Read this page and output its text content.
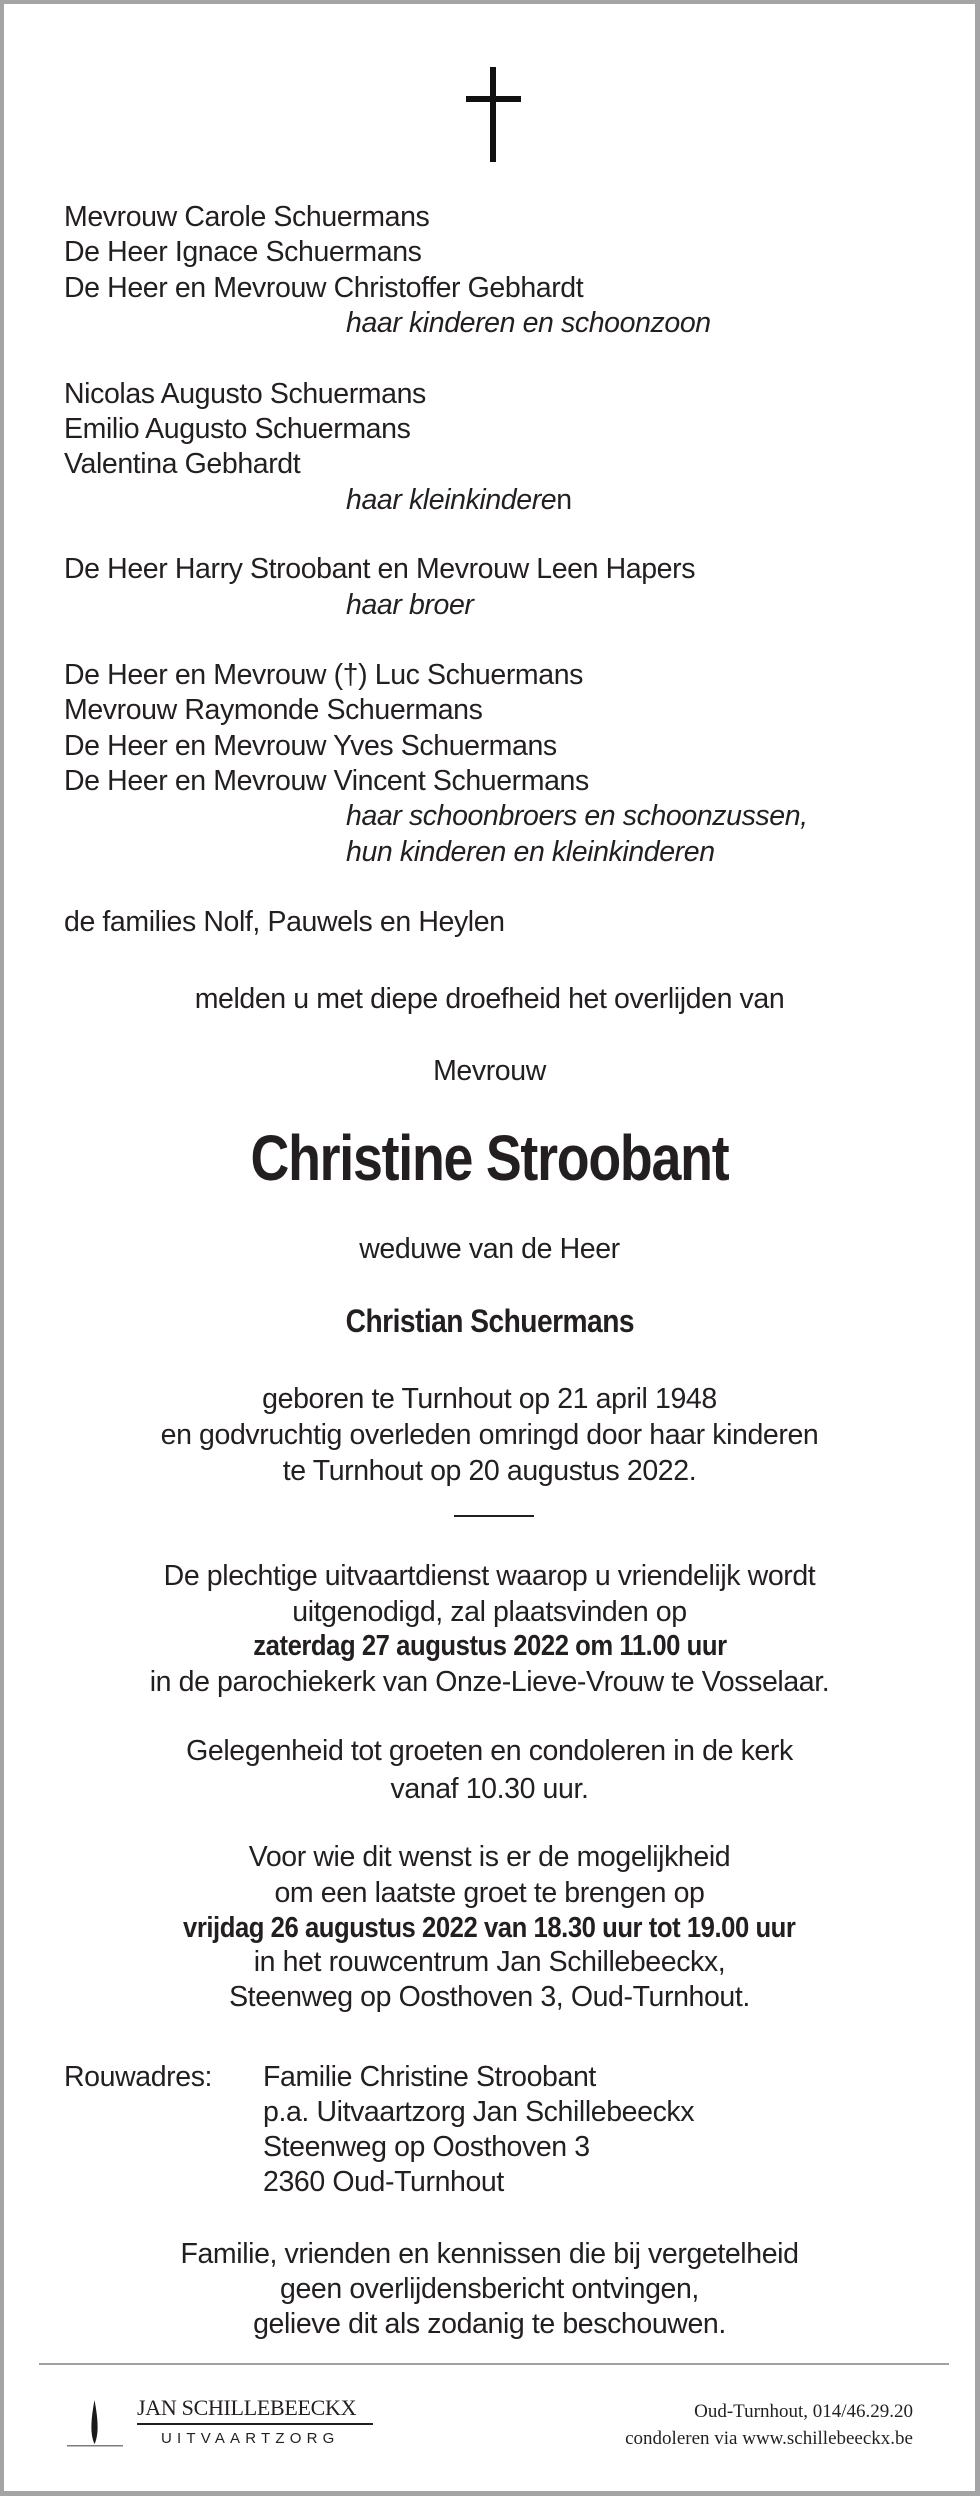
Mevrouw Carole Schuermans
De Heer Ignace Schuermans
De Heer en Mevrouw Christoffer Gebhardt
haar kinderen en schoonzoon
Nicolas Augusto Schuermans
Emilio Augusto Schuermans
Valentina Gebhardt
haar kleinkinderen
De Heer Harry Stroobant en Mevrouw Leen Hapers
haar broer
De Heer en Mevrouw (†) Luc Schuermans
Mevrouw Raymonde Schuermans
De Heer en Mevrouw Yves Schuermans
De Heer en Mevrouw Vincent Schuermans
haar schoonbroers en schoonzussen,
hun kinderen en kleinkinderen
de families Nolf, Pauwels en Heylen
melden u met diepe droefheid het overlijden van
Mevrouw
Christine Stroobant
weduwe van de Heer
Christian Schuermans
geboren te Turnhout op 21 april 1948
en godvruchtig overleden omringd door haar kinderen
te Turnhout op 20 augustus 2022.
De plechtige uitvaartdienst waarop u vriendelijk wordt
uitgenodigd, zal plaatsvinden op
zaterdag 27 augustus 2022 om 11.00 uur
in de parochiekerk van Onze-Lieve-Vrouw te Vosselaar.
Gelegenheid tot groeten en condoleren in de kerk
vanaf 10.30 uur.
Voor wie dit wenst is er de mogelijkheid
om een laatste groet te brengen op
vrijdag 26 augustus 2022 van 18.30 uur tot 19.00 uur
in het rouwcentrum Jan Schillebeeckx,
Steenweg op Oosthoven 3, Oud-Turnhout.
Rouwadres: Familie Christine Stroobant
p.a. Uitvaartzorg Jan Schillebeeckx
Steenweg op Oosthoven 3
2360 Oud-Turnhout
Familie, vrienden en kennissen die bij vergetelheid
geen overlijdensbericht ontvingen,
gelieve dit als zodanig te beschouwen.
JAN SCHILLEBEECKX
UITVAARTZORG
Oud-Turnhout, 014/46.29.20
condoleren via www.schillebeeckx.be
